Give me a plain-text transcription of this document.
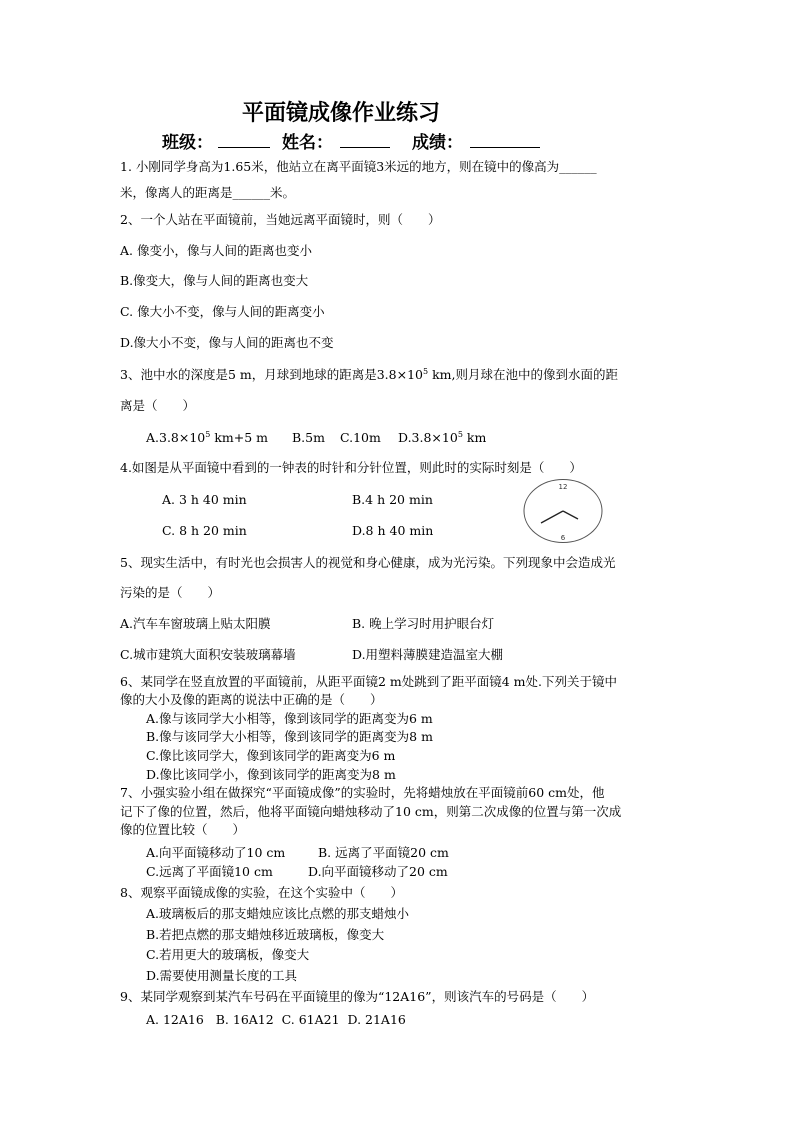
平面镜成像作业练习
班级：	姓名：	成绩：
1. 小刚同学身高为1.65米，他站立在离平面镜3米远的地方，则在镜中的像高为______
米，像离人的距离是______米。
2、一个人站在平面镜前，当她远离平面镜时，则（　　）
A. 像变小，像与人间的距离也变小
B.像变大，像与人间的距离也变大
C. 像大小不变，像与人间的距离变小
D.像大小不变，像与人间的距离也不变
3、池中水的深度是5 m，月球到地球的距离是$3.8\times 10^5$ km,则月球在池中的像到水面的距
离是（　　）
$A.3.8\times 10^5$ km+5 m B.5m C.10m $D.3.8\times 10^5$ km
4.如图是从平面镜中看到的一钟表的时针和分针位置，则此时的实际时刻是（　　）
A. 3 h 40 min	B.4 h 20 min
C. 8 h 20 min	D.8 h 40 min
12
6
5、现实生活中，有时光也会损害人的视觉和身心健康，成为光污染。下列现象中会造成光
污染的是（　　）
A.汽车车窗玻璃上贴太阳膜	B. 晚上学习时用护眼台灯
C.城市建筑大面积安装玻璃幕墙	D.用塑料薄膜建造温室大棚
6、某同学在竖直放置的平面镜前，从距平面镜2 m处跳到了距平面镜4 m处.下列关于镜中
像的大小及像的距离的说法中正确的是（　　）
A.像与该同学大小相等，像到该同学的距离变为6 m
B.像与该同学大小相等，像到该同学的距离变为8 m
C.像比该同学大，像到该同学的距离变为6 m
D.像比该同学小，像到该同学的距离变为8 m
7、小强实验小组在做探究“平面镜成像”的实验时，先将蜡烛放在平面镜前60 cm处，他
记下了像的位置，然后，他将平面镜向蜡烛移动了10 cm，则第二次成像的位置与第一次成
像的位置比较（　　）
A.向平面镜移动了10 cm	B. 远离了平面镜20 cm
C.远离了平面镜10 cm	D.向平面镜移动了20 cm
8、观察平面镜成像的实验，在这个实验中（　　）
A.玻璃板后的那支蜡烛应该比点燃的那支蜡烛小
B.若把点燃的那支蜡烛移近玻璃板，像变大
C.若用更大的玻璃板，像变大
D.需要使用测量长度的工具
9、某同学观察到某汽车号码在平面镜里的像为“12A16”，则该汽车的号码是（　　）
A. 12A16   B. 16A12  C. 61A21  D. 21A16
